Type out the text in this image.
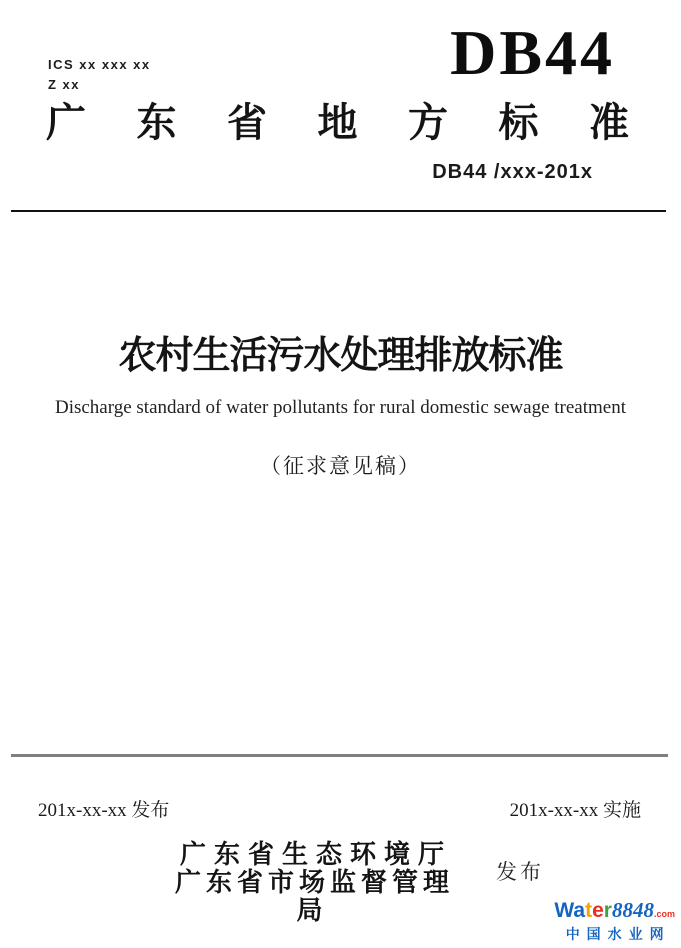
ICS xx xxx xx
Z xx	DB44
广 东 省 地 方 标 准
DB44 /xxx-201x
农村生活污水处理排放标准
Discharge standard of water pollutants for rural domestic sewage treatment
（征求意见稿）
201x-xx-xx 发布	201x-xx-xx 实施
广东省生态环境厅
广东省市场监督管理局
发布
Water8848.com
中国水业网
